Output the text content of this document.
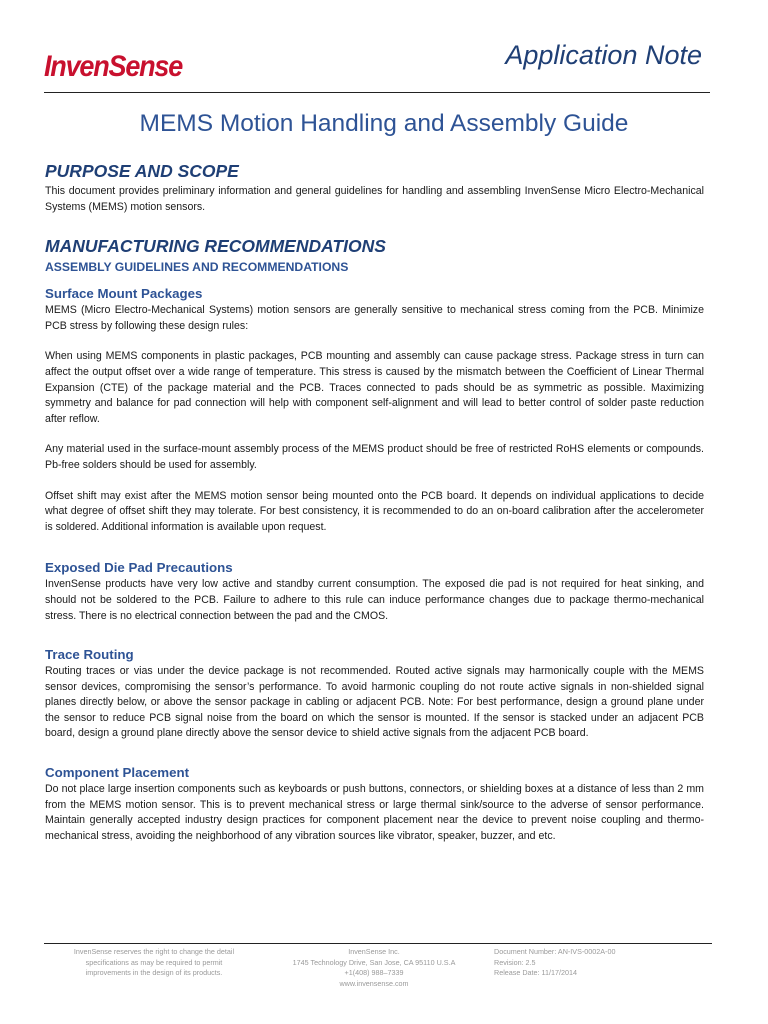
InvenSense	Application Note
MEMS Motion Handling and Assembly Guide
PURPOSE AND SCOPE

This document provides preliminary information and general guidelines for handling and assembling InvenSense Micro Electro-Mechanical Systems (MEMS) motion sensors.

MANUFACTURING RECOMMENDATIONS
ASSEMBLY GUIDELINES AND RECOMMENDATIONS
Surface Mount Packages

MEMS (Micro Electro-Mechanical Systems) motion sensors are generally sensitive to mechanical stress coming from the PCB. Minimize PCB stress by following these design rules:

When using MEMS components in plastic packages, PCB mounting and assembly can cause package stress. Package stress in turn can affect the output offset over a wide range of temperature. This stress is caused by the mismatch between the Coefficient of Linear Thermal Expansion (CTE) of the package material and the PCB. Traces connected to pads should be as symmetric as possible. Maximizing symmetry and balance for pad connection will help with component self-alignment and will lead to better control of solder paste reduction after reflow.

Any material used in the surface-mount assembly process of the MEMS product should be free of restricted RoHS elements or compounds. Pb-free solders should be used for assembly.

Offset shift may exist after the MEMS motion sensor being mounted onto the PCB board. It depends on individual applications to decide what degree of offset shift they may tolerate. For best consistency, it is recommended to do an on-board calibration after the accelerometer is soldered. Additional information is available upon request.

Exposed Die Pad Precautions

InvenSense products have very low active and standby current consumption. The exposed die pad is not required for heat sinking, and should not be soldered to the PCB. Failure to adhere to this rule can induce performance changes due to package thermo-mechanical stress. There is no electrical connection between the pad and the CMOS.

Trace Routing

Routing traces or vias under the device package is not recommended. Routed active signals may harmonically couple with the MEMS sensor devices, compromising the sensor’s performance. To avoid harmonic coupling do not route active signals in non-shielded signal planes directly below, or above the sensor package in cabling or adjacent PCB. Note: For best performance, design a ground plane under the sensor to reduce PCB signal noise from the board on which the sensor is mounted. If the sensor is stacked under an adjacent PCB board, design a ground plane directly above the sensor device to shield active signals from the adjacent PCB board.

Component Placement

Do not place large insertion components such as keyboards or push buttons, connectors, or shielding boxes at a distance of less than 2 mm from the MEMS motion sensor. This is to prevent mechanical stress or large thermal sink/source to the adverse of sensor performance. Maintain generally accepted industry design practices for component placement near the device to prevent noise coupling and thermo-mechanical stress, avoiding the neighborhood of any vibration sources like vibrator, speaker, buzzer, and etc.

InvenSense reserves the right to change the detail
specifications as may be required to permit
improvements in the design of its products.
InvenSense Inc.
1745 Technology Drive, San Jose, CA 95110 U.S.A
+1(408) 988–7339
www.invensense.com
Document Number: AN-IVS-0002A-00
Revision: 2.5
Release Date: 11/17/2014
